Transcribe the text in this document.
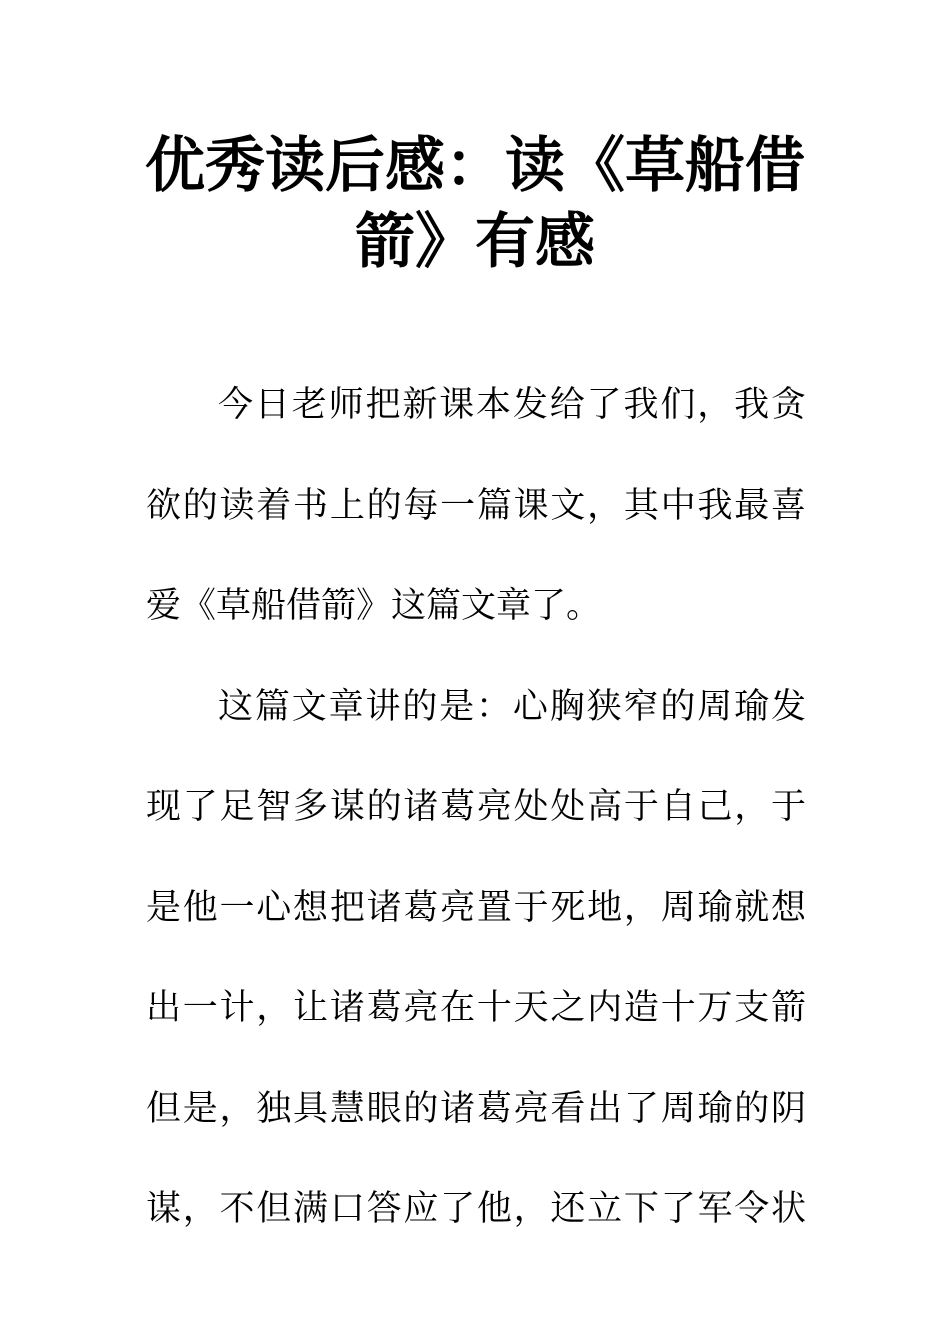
优秀读后感：读《草船借
箭》有感
今日老师把新课本发给了我们，我贪
欲的读着书上的每一篇课文，其中我最喜
爱《草船借箭》这篇文章了。
这篇文章讲的是：心胸狭窄的周瑜发
现了足智多谋的诸葛亮处处高于自己，于
是他一心想把诸葛亮置于死地，周瑜就想
出一计，让诸葛亮在十天之内造十万支箭
但是，独具慧眼的诸葛亮看出了周瑜的阴
谋，不但满口答应了他，还立下了军令状
